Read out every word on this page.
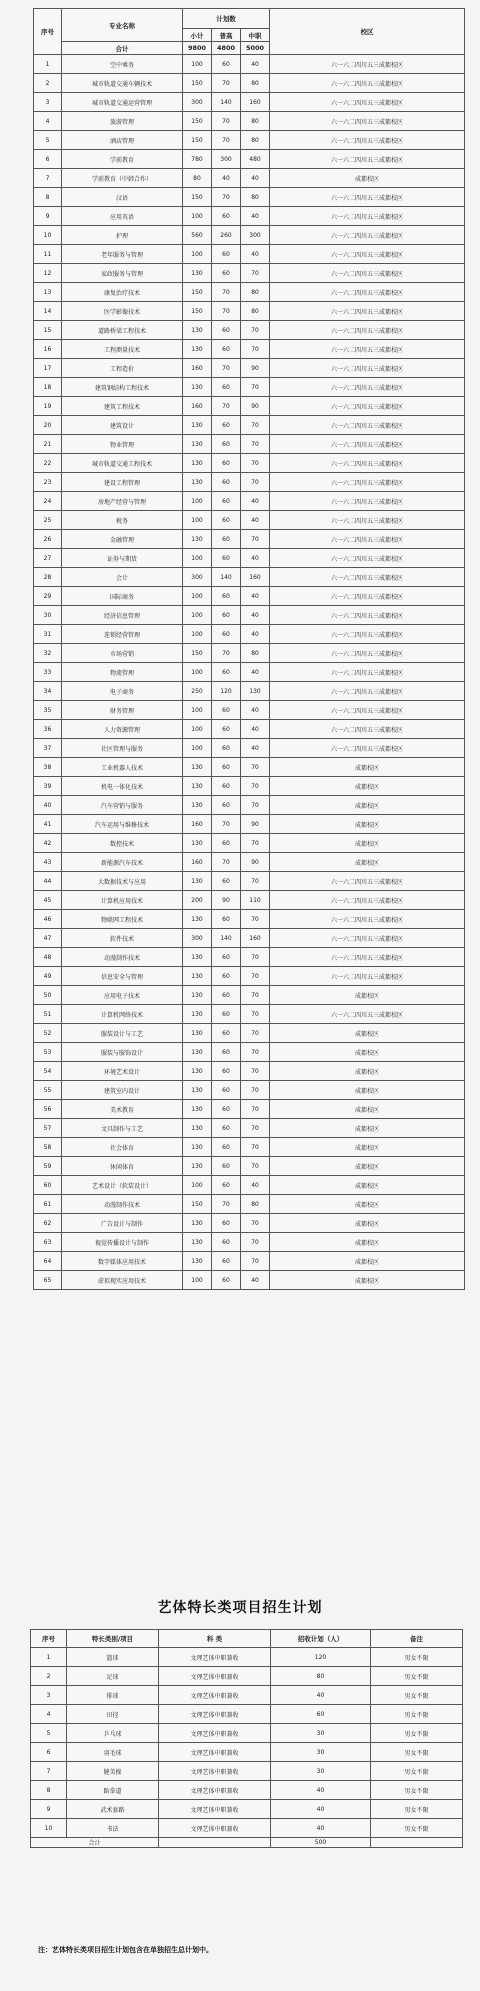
序号	专业名称	计划数			校区
		小计	普高	中职	
	合计	9800	4800	5000	
1	空中乘务	100	60	40	六一六二四川五三成都校区
2	城市轨道交通车辆技术	150	70	80	六一六二四川五三成都校区
3	城市轨道交通运营管理	300	140	160	六一六二四川五三成都校区
4	旅游管理	150	70	80	六一六二四川五三成都校区
5	酒店管理	150	70	80	六一六二四川五三成都校区
6	学前教育	780	300	480	六一六二四川五三成都校区
7	学前教育（中韩合作）	80	40	40	成都校区
8	汉语	150	70	80	六一六二四川五三成都校区
9	应用英语	100	60	40	六一六二四川五三成都校区
10	护理	560	260	300	六一六二四川五三成都校区
11	老年服务与管理	100	60	40	六一六二四川五三成都校区
12	家政服务与管理	130	60	70	六一六二四川五三成都校区
13	康复治疗技术	150	70	80	六一六二四川五三成都校区
14	医学影像技术	150	70	80	六一六二四川五三成都校区
15	道路桥梁工程技术	130	60	70	六一六二四川五三成都校区
16	工程测量技术	130	60	70	六一六二四川五三成都校区
17	工程造价	160	70	90	六一六二四川五三成都校区
18	建筑钢结构工程技术	130	60	70	六一六二四川五三成都校区
19	建筑工程技术	160	70	90	六一六二四川五三成都校区
20	建筑设计	130	60	70	六一六二四川五三成都校区
21	物业管理	130	60	70	六一六二四川五三成都校区
22	城市轨道交通工程技术	130	60	70	六一六二四川五三成都校区
23	建设工程管理	130	60	70	六一六二四川五三成都校区
24	房地产经营与管理	100	60	40	六一六二四川五三成都校区
25	税务	100	60	40	六一六二四川五三成都校区
26	金融管理	130	60	70	六一六二四川五三成都校区
27	证券与期货	100	60	40	六一六二四川五三成都校区
28	会计	300	140	160	六一六二四川五三成都校区
29	国际商务	100	60	40	六一六二四川五三成都校区
30	经济信息管理	100	60	40	六一六二四川五三成都校区
31	连锁经营管理	100	60	40	六一六二四川五三成都校区
32	市场营销	150	70	80	六一六二四川五三成都校区
33	物流管理	100	60	40	六一六二四川五三成都校区
34	电子商务	250	120	130	六一六二四川五三成都校区
35	财务管理	100	60	40	六一六二四川五三成都校区
36	人力资源管理	100	60	40	六一六二四川五三成都校区
37	社区管理与服务	100	60	40	六一六二四川五三成都校区
38	工业机器人技术	130	60	70	成都校区
39	机电一体化技术	130	60	70	成都校区
40	汽车营销与服务	130	60	70	成都校区
41	汽车运用与维修技术	160	70	90	成都校区
42	数控技术	130	60	70	成都校区
43	新能源汽车技术	160	70	90	成都校区
44	大数据技术与应用	130	60	70	六一六二四川五三成都校区
45	计算机应用技术	200	90	110	六一六二四川五三成都校区
46	物联网工程技术	130	60	70	六一六二四川五三成都校区
47	软件技术	300	140	160	六一六二四川五三成都校区
48	动漫制作技术	130	60	70	六一六二四川五三成都校区
49	信息安全与管理	130	60	70	六一六二四川五三成都校区
50	应用电子技术	130	60	70	成都校区
51	计算机网络技术	130	60	70	六一六二四川五三成都校区
52	服装设计与工艺	130	60	70	成都校区
53	服装与服饰设计	130	60	70	成都校区
54	环境艺术设计	130	60	70	成都校区
55	建筑室内设计	130	60	70	成都校区
56	美术教育	130	60	70	成都校区
57	文具制作与工艺	130	60	70	成都校区
58	社会体育	130	60	70	成都校区
59	休闲体育	130	60	70	成都校区
60	艺术设计（软装设计）	100	60	40	成都校区
61	动漫制作技术	150	70	80	成都校区
62	广告设计与制作	130	60	70	成都校区
63	视觉传播设计与制作	130	60	70	成都校区
64	数字媒体应用技术	130	60	70	成都校区
65	虚拟现实应用技术	100	60	40	成都校区
艺体特长类项目招生计划
序号	特长类别/项目	科 类	招收计划（人）	备注
1	篮球	文理艺体中职兼收	120	男女不限
2	足球	文理艺体中职兼收	80	男女不限
3	排球	文理艺体中职兼收	40	男女不限
4	田径	文理艺体中职兼收	60	男女不限
5	乒乓球	文理艺体中职兼收	30	男女不限
6	羽毛球	文理艺体中职兼收	30	男女不限
7	健美操	文理艺体中职兼收	30	男女不限
8	跆拳道	文理艺体中职兼收	40	男女不限
9	武术套路	文理艺体中职兼收	40	男女不限
10	书法	文理艺体中职兼收	40	男女不限
合计			500	
注：艺体特长类项目招生计划包含在单独招生总计划中。
